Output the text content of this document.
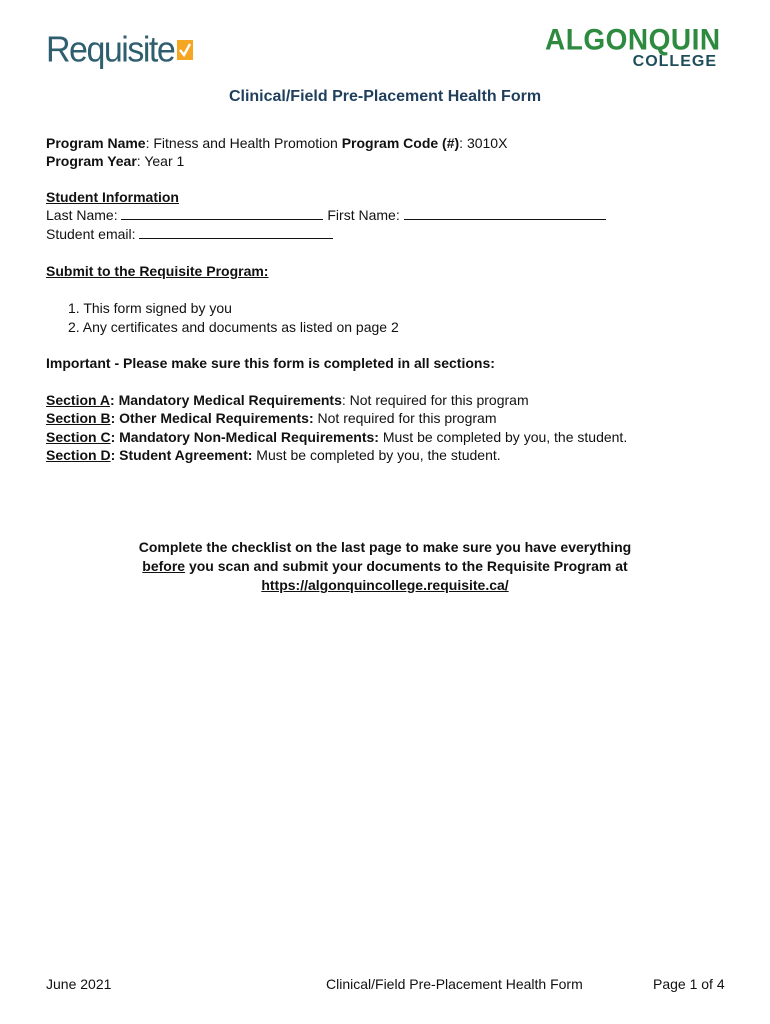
Requisite	ALGONQUIN
COLLEGE
Clinical/Field Pre-Placement Health Form
Program Name: Fitness and Health Promotion Program Code (#): 3010X
Program Year: Year 1
Student Information
Last Name:	First Name:
Student email:
Submit to the Requisite Program:
1. This form signed by you
2. Any certificates and documents as listed on page 2
Important - Please make sure this form is completed in all sections:
Section A: Mandatory Medical Requirements: Not required for this program
Section B: Other Medical Requirements: Not required for this program
Section C: Mandatory Non-Medical Requirements: Must be completed by you, the student.
Section D: Student Agreement: Must be completed by you, the student.
Complete the checklist on the last page to make sure you have everything
before you scan and submit your documents to the Requisite Program at
https://algonquincollege.requisite.ca/
June 2021	Clinical/Field Pre-Placement Health Form	Page 1 of 4
